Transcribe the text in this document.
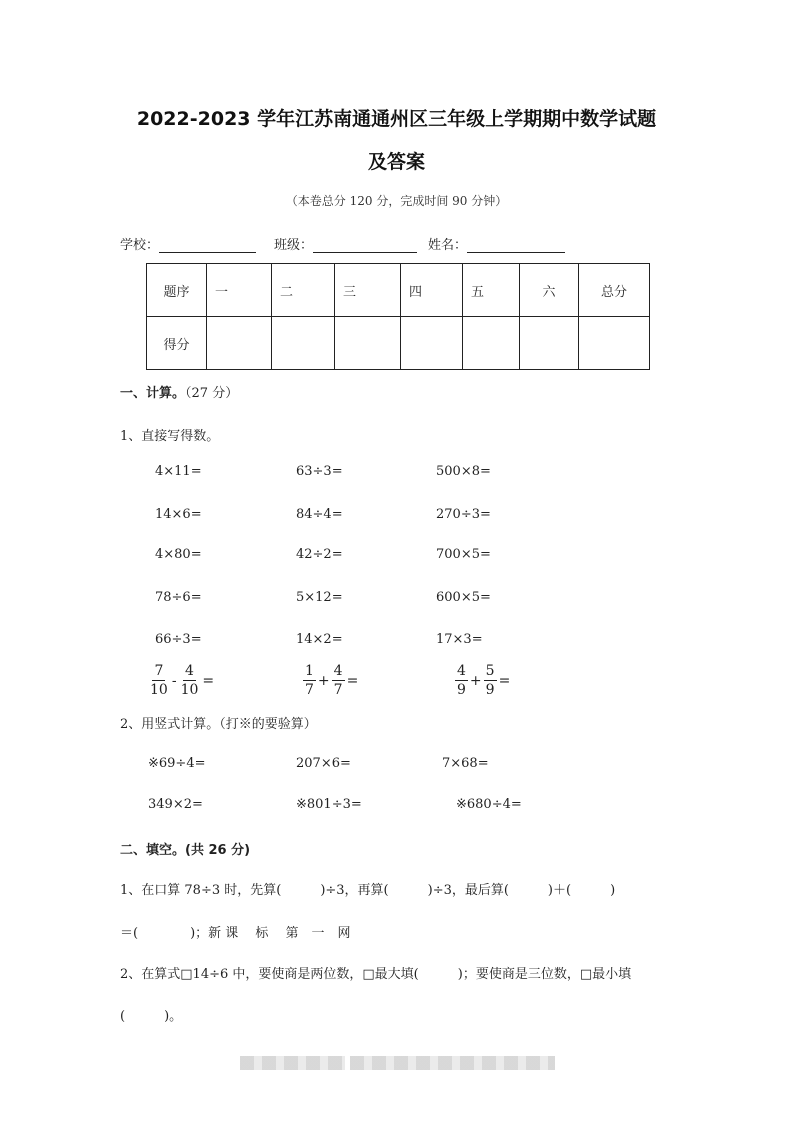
2022-2023 学年江苏南通通州区三年级上学期期中数学试题
及答案
（本卷总分 120 分，完成时间 90 分钟）
学校：	班级：	姓名：
题序	一	二	三	四	五	六	总分
得分							
一、计算。（27 分）
1、直接写得数。
4×11=	63÷3=	500×8=
14×6=	84÷4=	270÷3=
4×80=	42÷2=	700×5=
78÷6=	5×12=	600×5=
66÷3=	14×2=	17×3=
$\frac{7}{10} - \frac{4}{10}$ =	$\frac{1}{7} + \frac{4}{7}$ =	$\frac{4}{9} + \frac{5}{9}$ =
2、用竖式计算。（打※的要验算）
※69÷4=	207×6=	7×68=
349×2=	※801÷3=	※680÷4=
二、填空。(共 26 分)
1、在口算 78÷3 时，先算(　　　)÷3，再算(　　　)÷3，最后算(　　　)＋(　　　)
＝(　　　　)；新 课　 标　 第　一　网
2、在算式□14÷6 中，要使商是两位数，□最大填(　　　)；要使商是三位数，□最小填
(　　　)。
